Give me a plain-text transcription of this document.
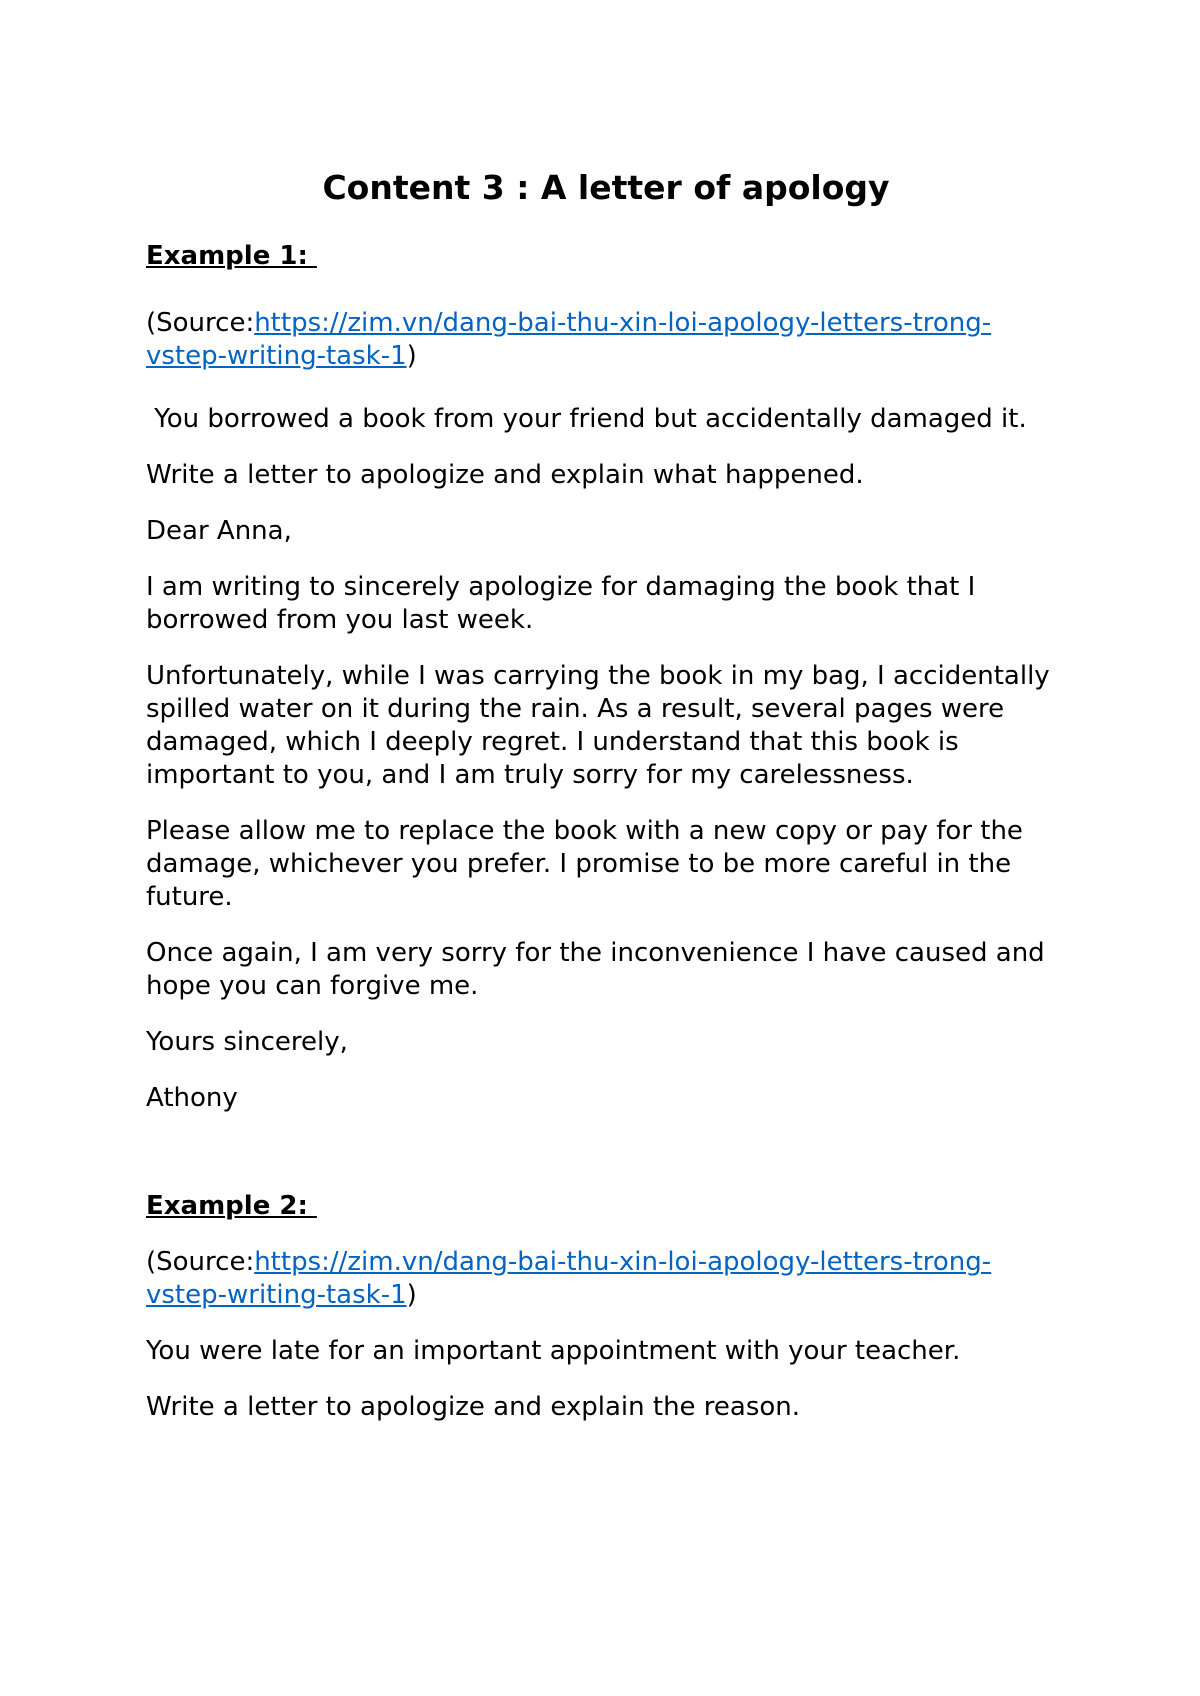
Content 3 : A letter of apology

Example 1:

(Source:https://zim.vn/dang-bai-thu-xin-loi-apology-letters-trong-vstep-writing-task-1)

You borrowed a book from your friend but accidentally damaged it.

Write a letter to apologize and explain what happened.

Dear Anna,

I am writing to sincerely apologize for damaging the book that I borrowed from you last week.

Unfortunately, while I was carrying the book in my bag, I accidentally spilled water on it during the rain. As a result, several pages were damaged, which I deeply regret. I understand that this book is important to you, and I am truly sorry for my carelessness.

Please allow me to replace the book with a new copy or pay for the damage, whichever you prefer. I promise to be more careful in the future.

Once again, I am very sorry for the inconvenience I have caused and hope you can forgive me.

Yours sincerely,

Athony

Example 2:

(Source:https://zim.vn/dang-bai-thu-xin-loi-apology-letters-trong-vstep-writing-task-1)

You were late for an important appointment with your teacher.

Write a letter to apologize and explain the reason.
